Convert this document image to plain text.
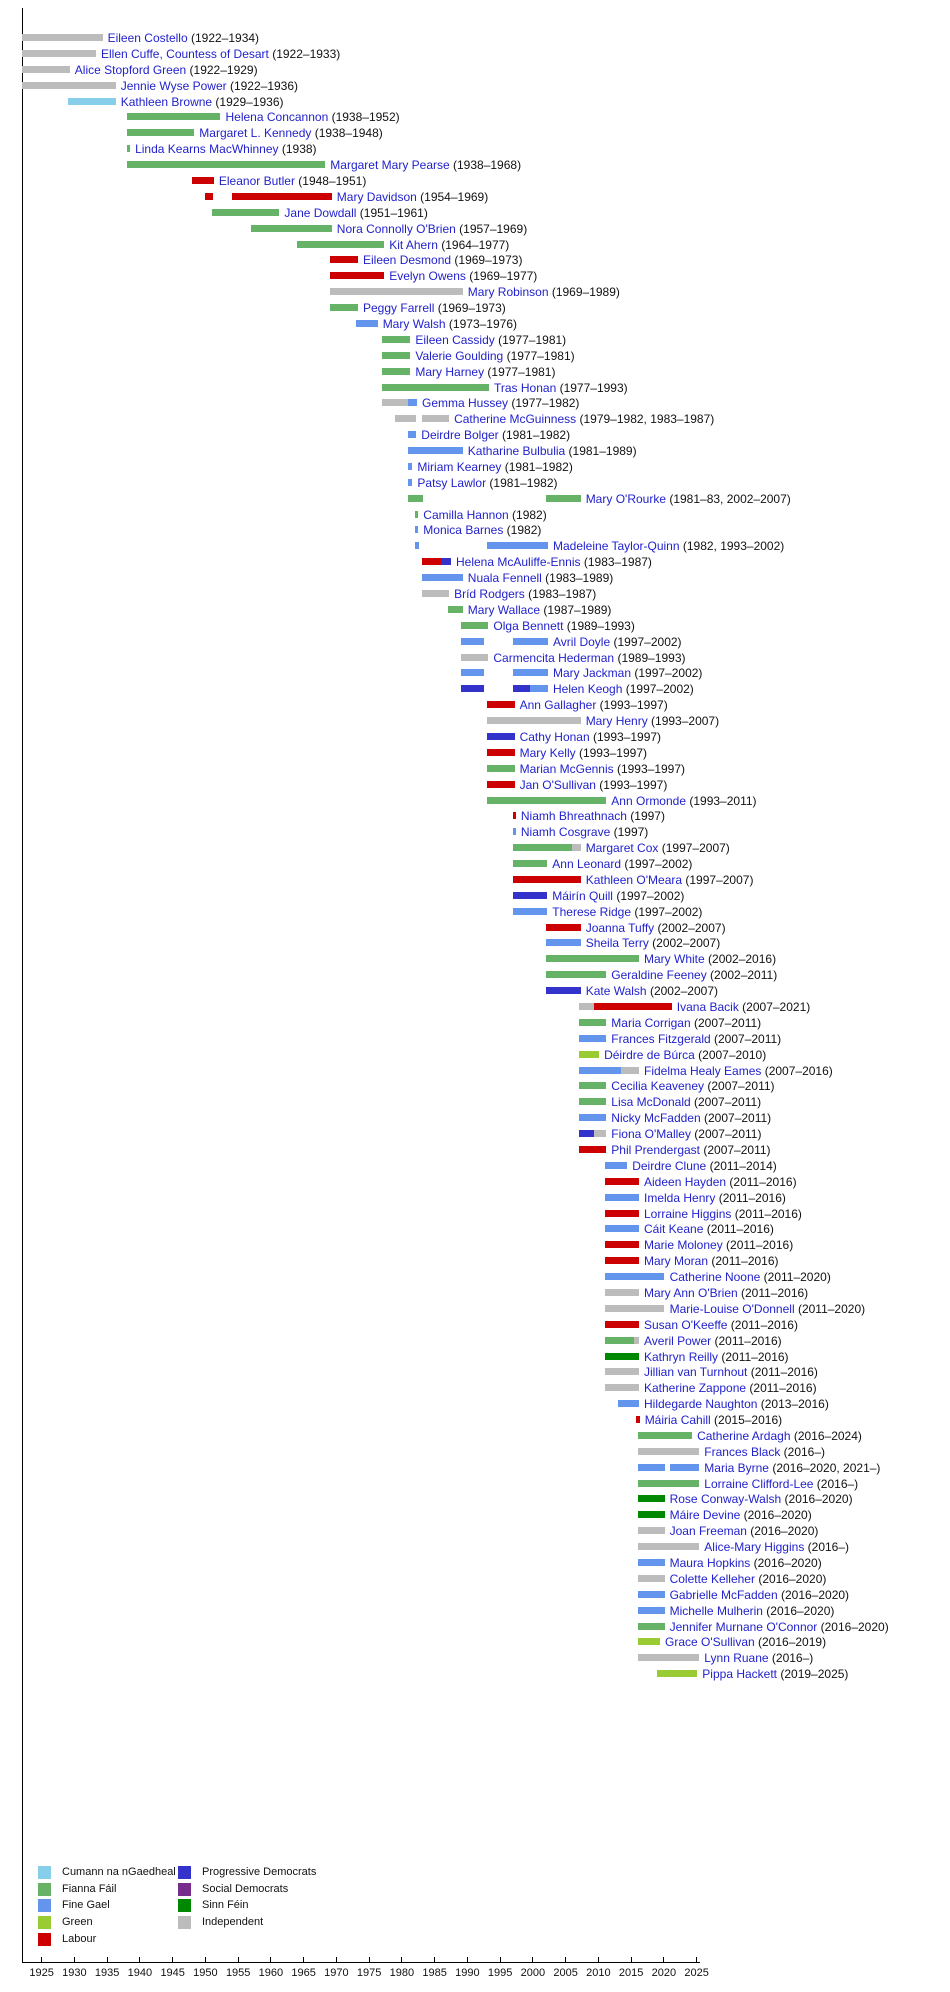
Eileen Costello (1922–1934)
Ellen Cuffe, Countess of Desart (1922–1933)
Alice Stopford Green (1922–1929)
Jennie Wyse Power (1922–1936)
Kathleen Browne (1929–1936)
Helena Concannon (1938–1952)
Margaret L. Kennedy (1938–1948)
Linda Kearns MacWhinney (1938)
Margaret Mary Pearse (1938–1968)
Eleanor Butler (1948–1951)
Mary Davidson (1954–1969)
Jane Dowdall (1951–1961)
Nora Connolly O'Brien (1957–1969)
Kit Ahern (1964–1977)
Eileen Desmond (1969–1973)
Evelyn Owens (1969–1977)
Mary Robinson (1969–1989)
Peggy Farrell (1969–1973)
Mary Walsh (1973–1976)
Eileen Cassidy (1977–1981)
Valerie Goulding (1977–1981)
Mary Harney (1977–1981)
Tras Honan (1977–1993)
Gemma Hussey (1977–1982)
Catherine McGuinness (1979–1982, 1983–1987)
Deirdre Bolger (1981–1982)
Katharine Bulbulia (1981–1989)
Miriam Kearney (1981–1982)
Patsy Lawlor (1981–1982)
Mary O'Rourke (1981–83, 2002–2007)
Camilla Hannon (1982)
Monica Barnes (1982)
Madeleine Taylor-Quinn (1982, 1993–2002)
Helena McAuliffe-Ennis (1983–1987)
Nuala Fennell (1983–1989)
Bríd Rodgers (1983–1987)
Mary Wallace (1987–1989)
Olga Bennett (1989–1993)
Avril Doyle (1997–2002)
Carmencita Hederman (1989–1993)
Mary Jackman (1997–2002)
Helen Keogh (1997–2002)
Ann Gallagher (1993–1997)
Mary Henry (1993–2007)
Cathy Honan (1993–1997)
Mary Kelly (1993–1997)
Marian McGennis (1993–1997)
Jan O'Sullivan (1993–1997)
Ann Ormonde (1993–2011)
Niamh Bhreathnach (1997)
Niamh Cosgrave (1997)
Margaret Cox (1997–2007)
Ann Leonard (1997–2002)
Kathleen O'Meara (1997–2007)
Máirín Quill (1997–2002)
Therese Ridge (1997–2002)
Joanna Tuffy (2002–2007)
Sheila Terry (2002–2007)
Mary White (2002–2016)
Geraldine Feeney (2002–2011)
Kate Walsh (2002–2007)
Ivana Bacik (2007–2021)
Maria Corrigan (2007–2011)
Frances Fitzgerald (2007–2011)
Déirdre de Búrca (2007–2010)
Fidelma Healy Eames (2007–2016)
Cecilia Keaveney (2007–2011)
Lisa McDonald (2007–2011)
Nicky McFadden (2007–2011)
Fiona O'Malley (2007–2011)
Phil Prendergast (2007–2011)
Deirdre Clune (2011–2014)
Aideen Hayden (2011–2016)
Imelda Henry (2011–2016)
Lorraine Higgins (2011–2016)
Cáit Keane (2011–2016)
Marie Moloney (2011–2016)
Mary Moran (2011–2016)
Catherine Noone (2011–2020)
Mary Ann O'Brien (2011–2016)
Marie-Louise O'Donnell (2011–2020)
Susan O'Keeffe (2011–2016)
Averil Power (2011–2016)
Kathryn Reilly (2011–2016)
Jillian van Turnhout (2011–2016)
Katherine Zappone (2011–2016)
Hildegarde Naughton (2013–2016)
Máiria Cahill (2015–2016)
Catherine Ardagh (2016–2024)
Frances Black (2016–)
Maria Byrne (2016–2020, 2021–)
Lorraine Clifford-Lee (2016–)
Rose Conway-Walsh (2016–2020)
Máire Devine (2016–2020)
Joan Freeman (2016–2020)
Alice-Mary Higgins (2016–)
Maura Hopkins (2016–2020)
Colette Kelleher (2016–2020)
Gabrielle McFadden (2016–2020)
Michelle Mulherin (2016–2020)
Jennifer Murnane O'Connor (2016–2020)
Grace O'Sullivan (2016–2019)
Lynn Ruane (2016–)
Pippa Hackett (2019–2025)
1925 1930 1935 1940 1945 1950 1955 1960 1965 1970 1975 1980 1985 1990 1995 2000 2005 2010 2015 2020 2025
Cumann na nGaedheal
Fianna Fáil
Fine Gael
Green
Labour
Progressive Democrats
Social Democrats
Sinn Féin
Independent
